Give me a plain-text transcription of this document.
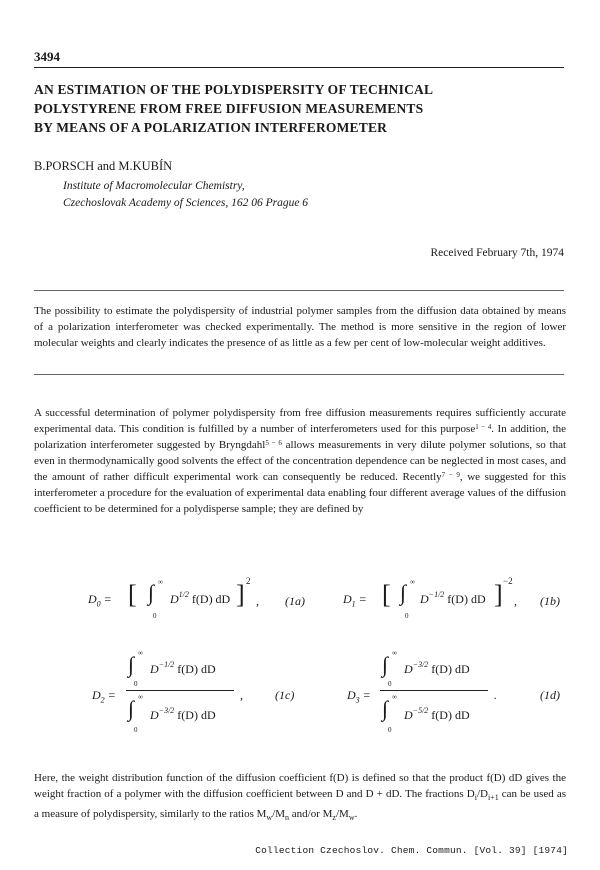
3494
AN ESTIMATION OF THE POLYDISPERSITY OF TECHNICAL
POLYSTYRENE FROM FREE DIFFUSION MEASUREMENTS
BY MEANS OF A POLARIZATION INTERFEROMETER
B.PORSCH and M.KUBÍN
Institute of Macromolecular Chemistry,
Czechoslovak Academy of Sciences, 162 06 Prague 6
Received February 7th, 1974

The possibility to estimate the polydispersity of industrial polymer samples from the diffusion data obtained by means of a polarization interferometer was checked experimentally. The method is more sensitive in the region of lower molecular weights and clearly indicates the presence of as little as a few per cent of low-molecular weight additives.

A successful determination of polymer polydispersity from free diffusion measurements requires sufficiently accurate experimental data. This condition is fulfilled by a number of interferometers used for this purpose$^{1 - 4}$. In addition, the polarization interferometer suggested by Bryngdahl$^{5 - 6}$ allows measurements in very dilute polymer solutions, so that even in thermodynamically good solvents the effect of the concentration dependence can be neglected in most cases, and the amount of rather difficult experimental work can consequently be reduced. Recently$^{7 - 9}$, we suggested for this interferometer a procedure for the evaluation of experimental data enabling four different average values of the diffusion coefficient to be determined for a polydisperse sample; they are defined by

$D_0$ = [ ∫ ∞
0
$D^{1/2}$ f(D) dD ] 2
, (1a)	$D_1$ = [ ∫ ∞
0
$D^{-1/2}$ f(D) dD ] −2
, (1b)
$D_2$ =
∫ ∞
0
$D^{-1/2}$ f(D) dD
∫ ∞
0
$D^{-3/2}$ f(D) dD
,	(1c)	$D_3$ =
∫ ∞
0
$D^{-3/2}$ f(D) dD
∫ ∞
0
$D^{-5/2}$ f(D) dD
.	(1d)

Here, the weight distribution function of the diffusion coefficient f(D) is defined so that the product f(D) dD gives the weight fraction of a polymer with the diffusion coefficient between D and D + dD. The fractions $D_i/D_{i+1}$ can be used as a measure of polydispersity, similarly to the ratios $M_w/M_n$ and/or $M_z/M_w$.

Collection Czechoslov. Chem. Commun. [Vol. 39] [1974]
